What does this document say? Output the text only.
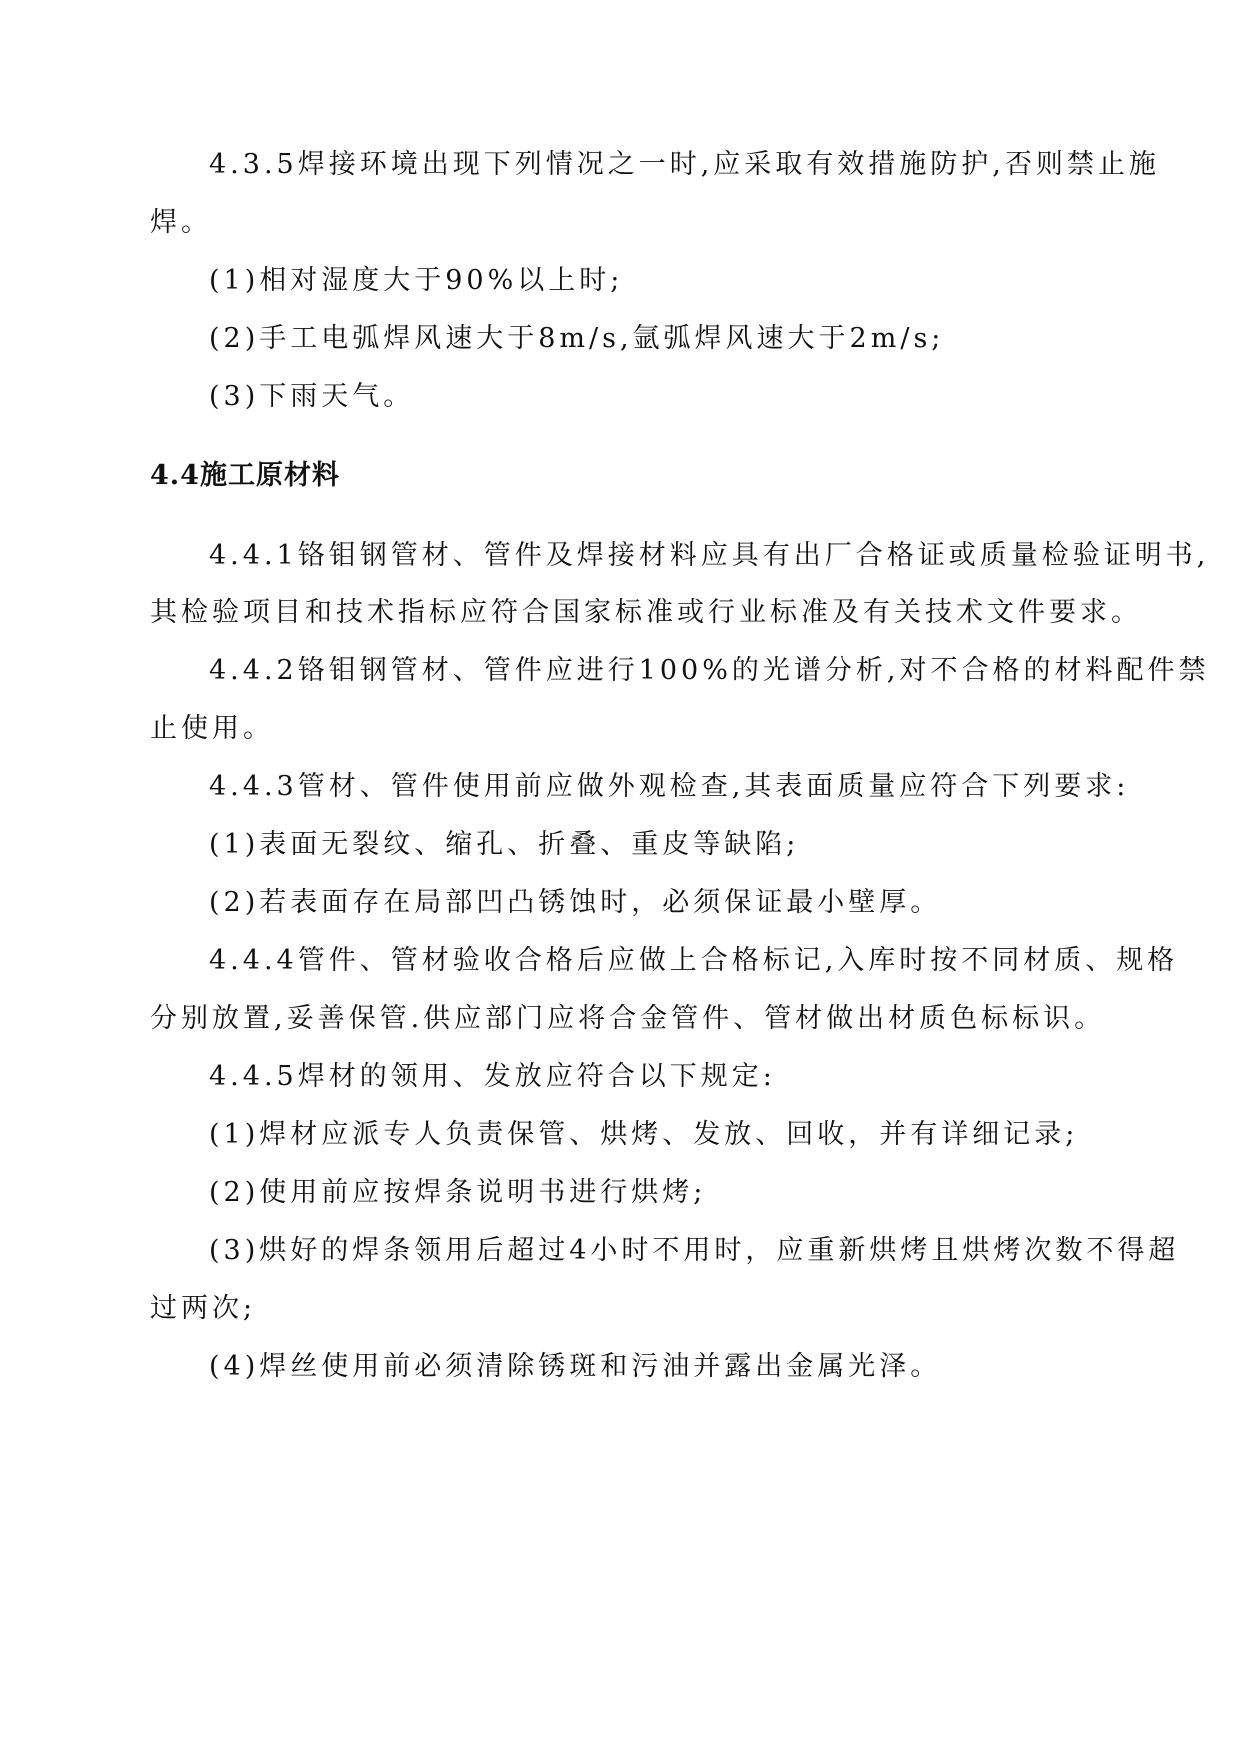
4.3.5焊接环境出现下列情况之一时,应采取有效措施防护,否则禁止施
焊。
(1)相对湿度大于90%以上时;
(2)手工电弧焊风速大于8m/s,氩弧焊风速大于2m/s;
(3)下雨天气。
4.4施工原材料
4.4.1铬钼钢管材、管件及焊接材料应具有出厂合格证或质量检验证明书,
其检验项目和技术指标应符合国家标准或行业标准及有关技术文件要求。
4.4.2铬钼钢管材、管件应进行100%的光谱分析,对不合格的材料配件禁
止使用。
4.4.3管材、管件使用前应做外观检查,其表面质量应符合下列要求:
(1)表面无裂纹、缩孔、折叠、重皮等缺陷;
(2)若表面存在局部凹凸锈蚀时，必须保证最小壁厚。
4.4.4管件、管材验收合格后应做上合格标记,入库时按不同材质、规格
分别放置,妥善保管.供应部门应将合金管件、管材做出材质色标标识。
4.4.5焊材的领用、发放应符合以下规定:
(1)焊材应派专人负责保管、烘烤、发放、回收，并有详细记录;
(2)使用前应按焊条说明书进行烘烤;
(3)烘好的焊条领用后超过4小时不用时，应重新烘烤且烘烤次数不得超
过两次;
(4)焊丝使用前必须清除锈斑和污油并露出金属光泽。
